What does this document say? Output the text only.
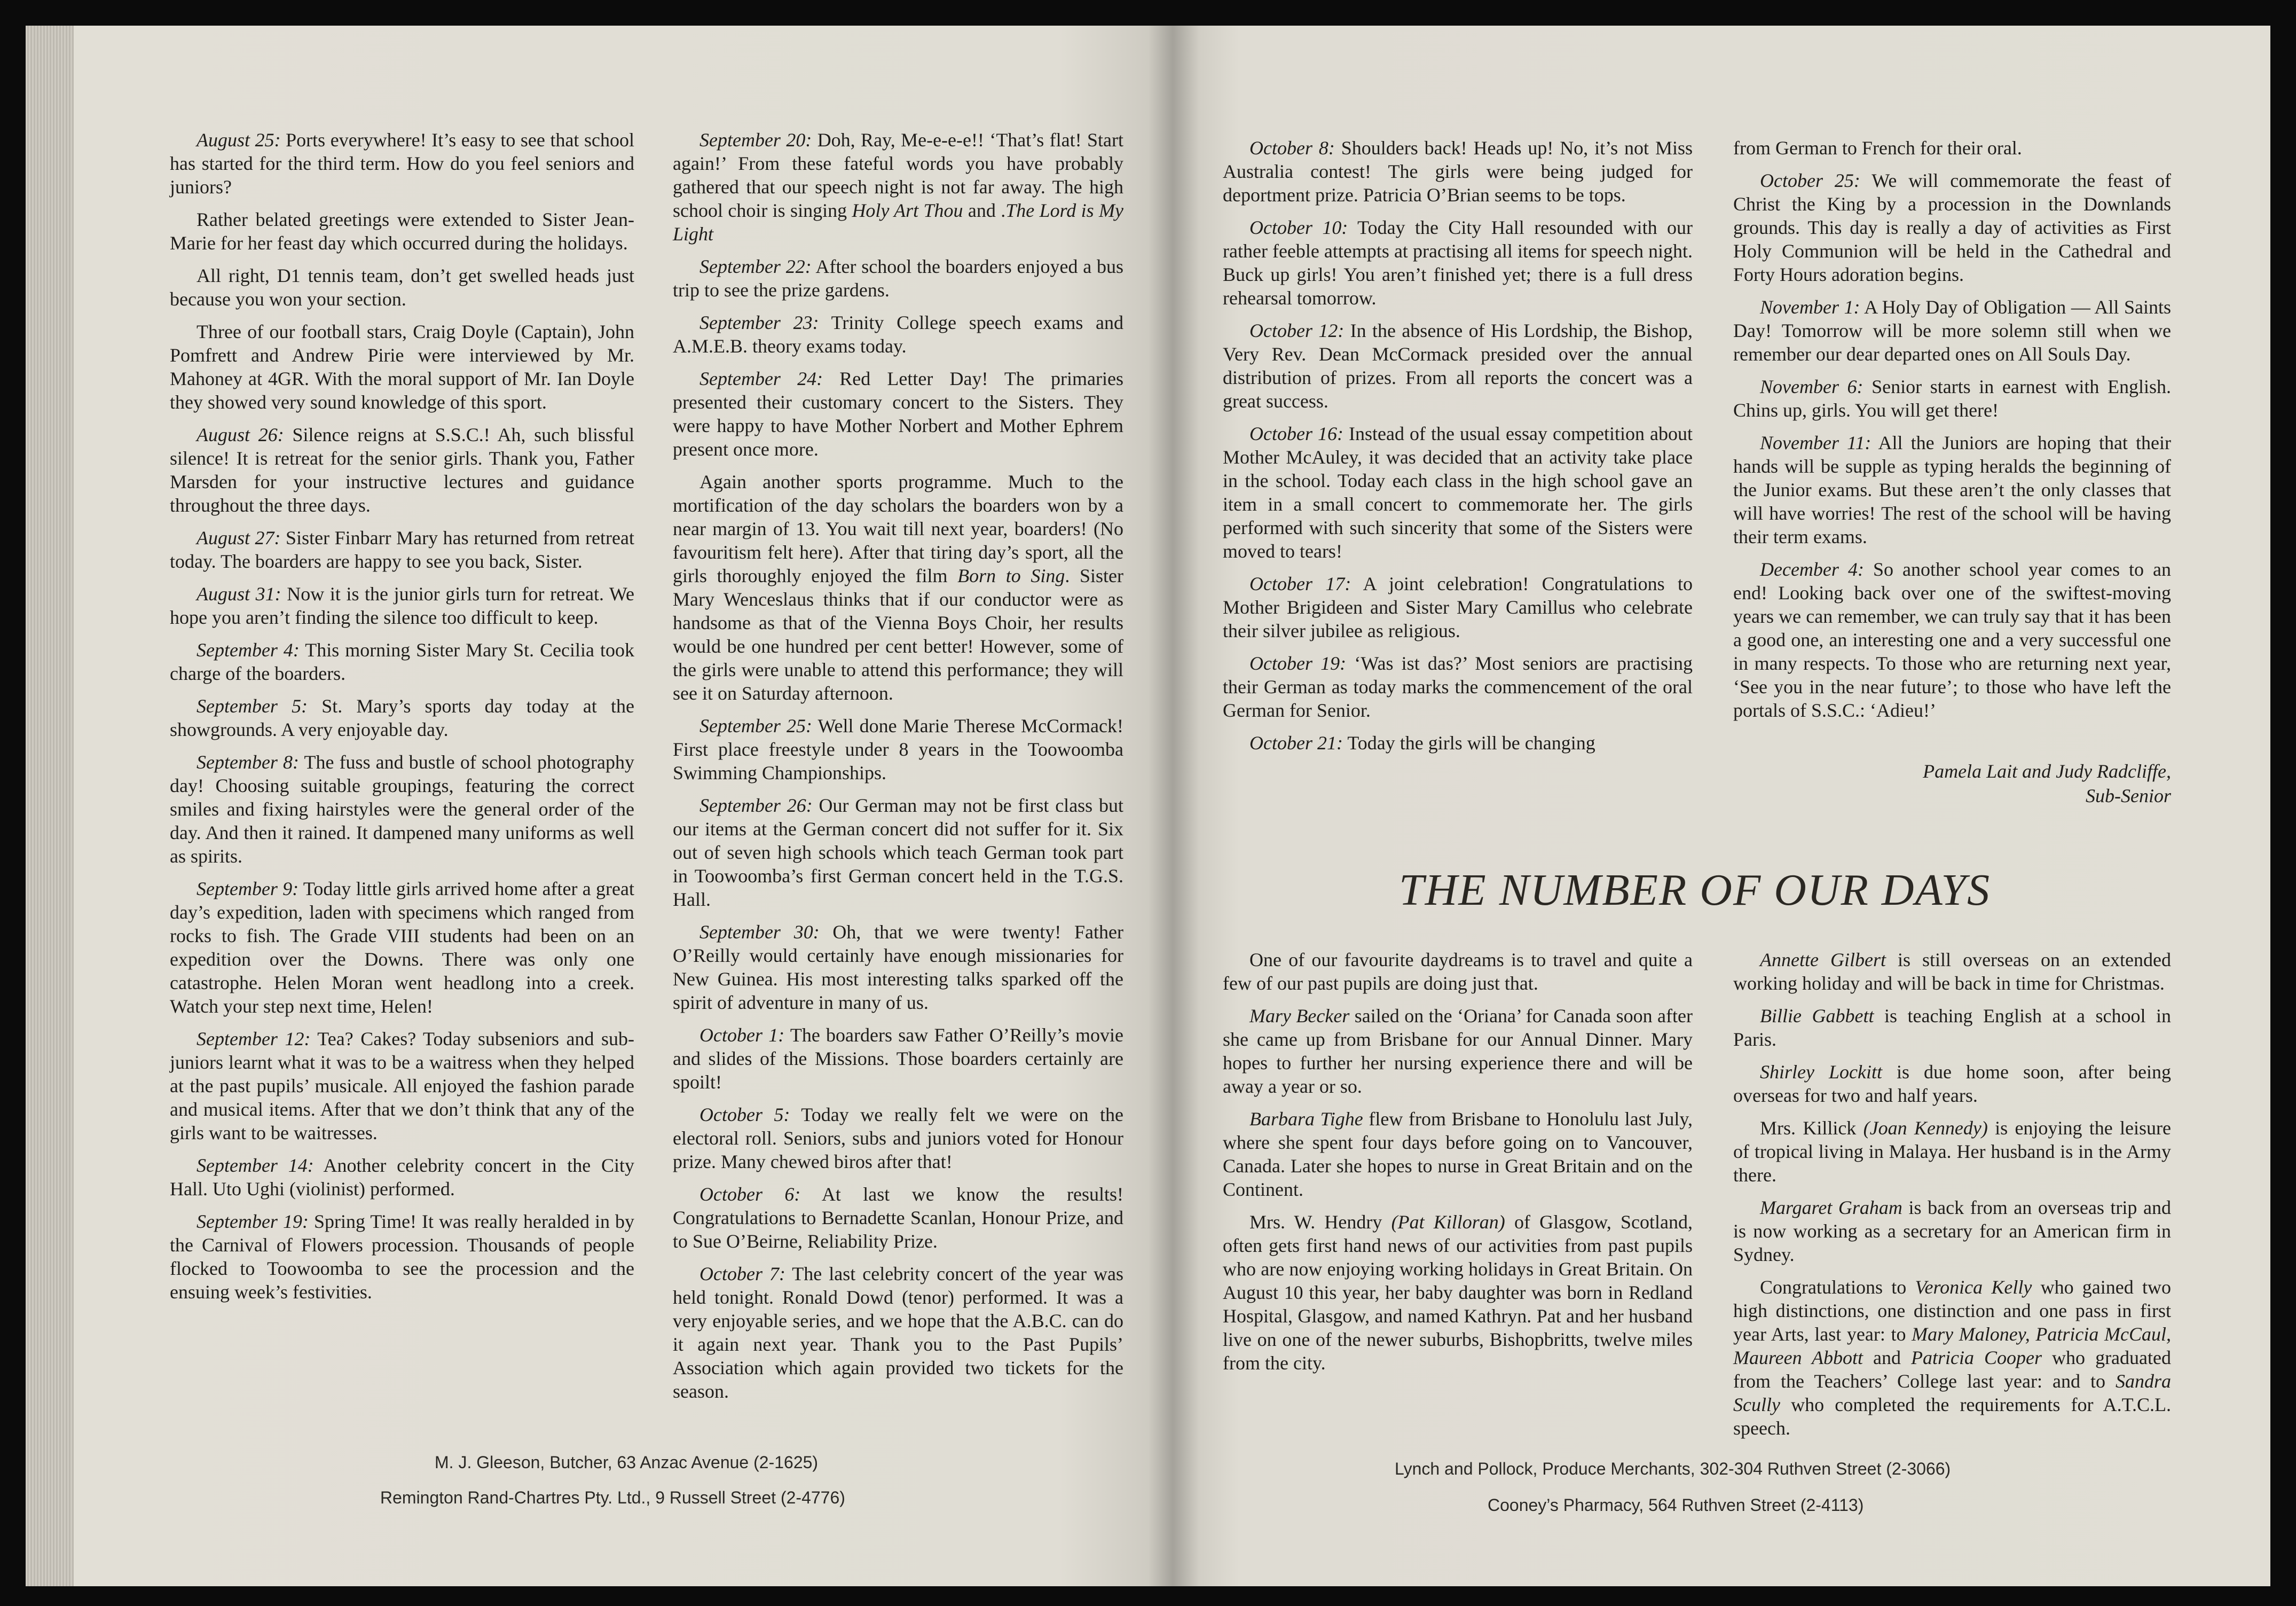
August 25: Ports everywhere! It’s easy to see that school has started for the third term. How do you feel seniors and juniors?

Rather belated greetings were extended to Sister Jean-Marie for her feast day which occurred during the holidays.

All right, D1 tennis team, don’t get swelled heads just because you won your section.

Three of our football stars, Craig Doyle (Captain), John Pomfrett and Andrew Pirie were interviewed by Mr. Mahoney at 4GR. With the moral support of Mr. Ian Doyle they showed very sound knowledge of this sport.

August 26: Silence reigns at S.S.C.! Ah, such blissful silence! It is retreat for the senior girls. Thank you, Father Marsden for your instructive lectures and guidance throughout the three days.

August 27: Sister Finbarr Mary has returned from retreat today. The boarders are happy to see you back, Sister.

August 31: Now it is the junior girls turn for retreat. We hope you aren’t finding the silence too difficult to keep.

September 4: This morning Sister Mary St. Cecilia took charge of the boarders.

September 5: St. Mary’s sports day today at the showgrounds. A very enjoyable day.

September 8: The fuss and bustle of school photography day! Choosing suitable groupings, featuring the correct smiles and fixing hairstyles were the general order of the day. And then it rained. It dampened many uniforms as well as spirits.

September 9: Today little girls arrived home after a great day’s expedition, laden with specimens which ranged from rocks to fish. The Grade VIII students had been on an expedition over the Downs. There was only one catastrophe. Helen Moran went headlong into a creek. Watch your step next time, Helen!

September 12: Tea? Cakes? Today subseniors and sub-juniors learnt what it was to be a waitress when they helped at the past pupils’ musicale. All enjoyed the fashion parade and musical items. After that we don’t think that any of the girls want to be waitresses.

September 14: Another celebrity concert in the City Hall. Uto Ughi (violinist) performed.

September 19: Spring Time! It was really heralded in by the Carnival of Flowers procession. Thousands of people flocked to Toowoomba to see the procession and the ensuing week’s festivities.

September 20: Doh, Ray, Me-e-e-e!! ‘That’s flat! Start again!’ From these fateful words you have probably gathered that our speech night is not far away. The high school choir is singing Holy Art Thou and .The Lord is My Light

September 22: After school the boarders enjoyed a bus trip to see the prize gardens.

September 23: Trinity College speech exams and A.M.E.B. theory exams today.

September 24: Red Letter Day! The primaries presented their customary concert to the Sisters. They were happy to have Mother Norbert and Mother Ephrem present once more.

Again another sports programme. Much to the mortification of the day scholars the boarders won by a near margin of 13. You wait till next year, boarders! (No favouritism felt here). After that tiring day’s sport, all the girls thoroughly enjoyed the film Born to Sing. Sister Mary Wenceslaus thinks that if our conductor were as handsome as that of the Vienna Boys Choir, her results would be one hundred per cent better! However, some of the girls were unable to attend this performance; they will see it on Saturday afternoon.

September 25: Well done Marie Therese McCormack! First place freestyle under 8 years in the Toowoomba Swimming Championships.

September 26: Our German may not be first class but our items at the German concert did not suffer for it. Six out of seven high schools which teach German took part in Toowoomba’s first German concert held in the T.G.S. Hall.

September 30: Oh, that we were twenty! Father O’Reilly would certainly have enough missionaries for New Guinea. His most interesting talks sparked off the spirit of adventure in many of us.

October 1: The boarders saw Father O’Reilly’s movie and slides of the Missions. Those boarders certainly are spoilt!

October 5: Today we really felt we were on the electoral roll. Seniors, subs and juniors voted for Honour prize. Many chewed biros after that!

October 6: At last we know the results! Congratulations to Bernadette Scanlan, Honour Prize, and to Sue O’Beirne, Reliability Prize.

October 7: The last celebrity concert of the year was held tonight. Ronald Dowd (tenor) performed. It was a very enjoyable series, and we hope that the A.B.C. can do it again next year. Thank you to the Past Pupils’ Association which again provided two tickets for the season.

October 8: Shoulders back! Heads up! No, it’s not Miss Australia contest! The girls were being judged for deportment prize. Patricia O’Brian seems to be tops.

October 10: Today the City Hall resounded with our rather feeble attempts at practising all items for speech night. Buck up girls! You aren’t finished yet; there is a full dress rehearsal tomorrow.

October 12: In the absence of His Lordship, the Bishop, Very Rev. Dean McCormack presided over the annual distribution of prizes. From all reports the concert was a great success.

October 16: Instead of the usual essay competition about Mother McAuley, it was decided that an activity take place in the school. Today each class in the high school gave an item in a small concert to commemorate her. The girls performed with such sincerity that some of the Sisters were moved to tears!

October 17: A joint celebration! Congratulations to Mother Brigideen and Sister Mary Camillus who celebrate their silver jubilee as religious.

October 19: ‘Was ist das?’ Most seniors are practising their German as today marks the commencement of the oral German for Senior.

October 21: Today the girls will be changing

from German to French for their oral.

October 25: We will commemorate the feast of Christ the King by a procession in the Downlands grounds. This day is really a day of activities as First Holy Communion will be held in the Cathedral and Forty Hours adoration begins.

November 1: A Holy Day of Obligation — All Saints Day! Tomorrow will be more solemn still when we remember our dear departed ones on All Souls Day.

November 6: Senior starts in earnest with English. Chins up, girls. You will get there!

November 11: All the Juniors are hoping that their hands will be supple as typing heralds the beginning of the Junior exams. But these aren’t the only classes that will have worries! The rest of the school will be having their term exams.

December 4: So another school year comes to an end! Looking back over one of the swiftest-moving years we can remember, we can truly say that it has been a good one, an interesting one and a very successful one in many respects. To those who are returning next year, ‘See you in the near future’; to those who have left the portals of S.S.C.: ‘Adieu!’

Pamela Lait and Judy Radcliffe,
Sub-Senior
THE NUMBER OF OUR DAYS

One of our favourite daydreams is to travel and quite a few of our past pupils are doing just that.

Mary Becker sailed on the ‘Oriana’ for Canada soon after she came up from Brisbane for our Annual Dinner. Mary hopes to further her nursing experience there and will be away a year or so.

Barbara Tighe flew from Brisbane to Honolulu last July, where she spent four days before going on to Vancouver, Canada. Later she hopes to nurse in Great Britain and on the Continent.

Mrs. W. Hendry (Pat Killoran) of Glasgow, Scotland, often gets first hand news of our activities from past pupils who are now enjoying working holidays in Great Britain. On August 10 this year, her baby daughter was born in Redland Hospital, Glasgow, and named Kathryn. Pat and her husband live on one of the newer suburbs, Bishopbritts, twelve miles from the city.

Annette Gilbert is still overseas on an extended working holiday and will be back in time for Christmas.

Billie Gabbett is teaching English at a school in Paris.

Shirley Lockitt is due home soon, after being overseas for two and half years.

Mrs. Killick (Joan Kennedy) is enjoying the leisure of tropical living in Malaya. Her husband is in the Army there.

Margaret Graham is back from an overseas trip and is now working as a secretary for an American firm in Sydney.

Congratulations to Veronica Kelly who gained two high distinctions, one distinction and one pass in first year Arts, last year: to Mary Maloney, Patricia McCaul, Maureen Abbott and Patricia Cooper who graduated from the Teachers’ College last year: and to Sandra Scully who completed the requirements for A.T.C.L. speech.

M. J. Gleeson, Butcher, 63 Anzac Avenue (2-1625)
Remington Rand-Chartres Pty. Ltd., 9 Russell Street (2-4776)
Lynch and Pollock, Produce Merchants, 302-304 Ruthven Street (2-3066)
Cooney’s Pharmacy, 564 Ruthven Street (2-4113)
